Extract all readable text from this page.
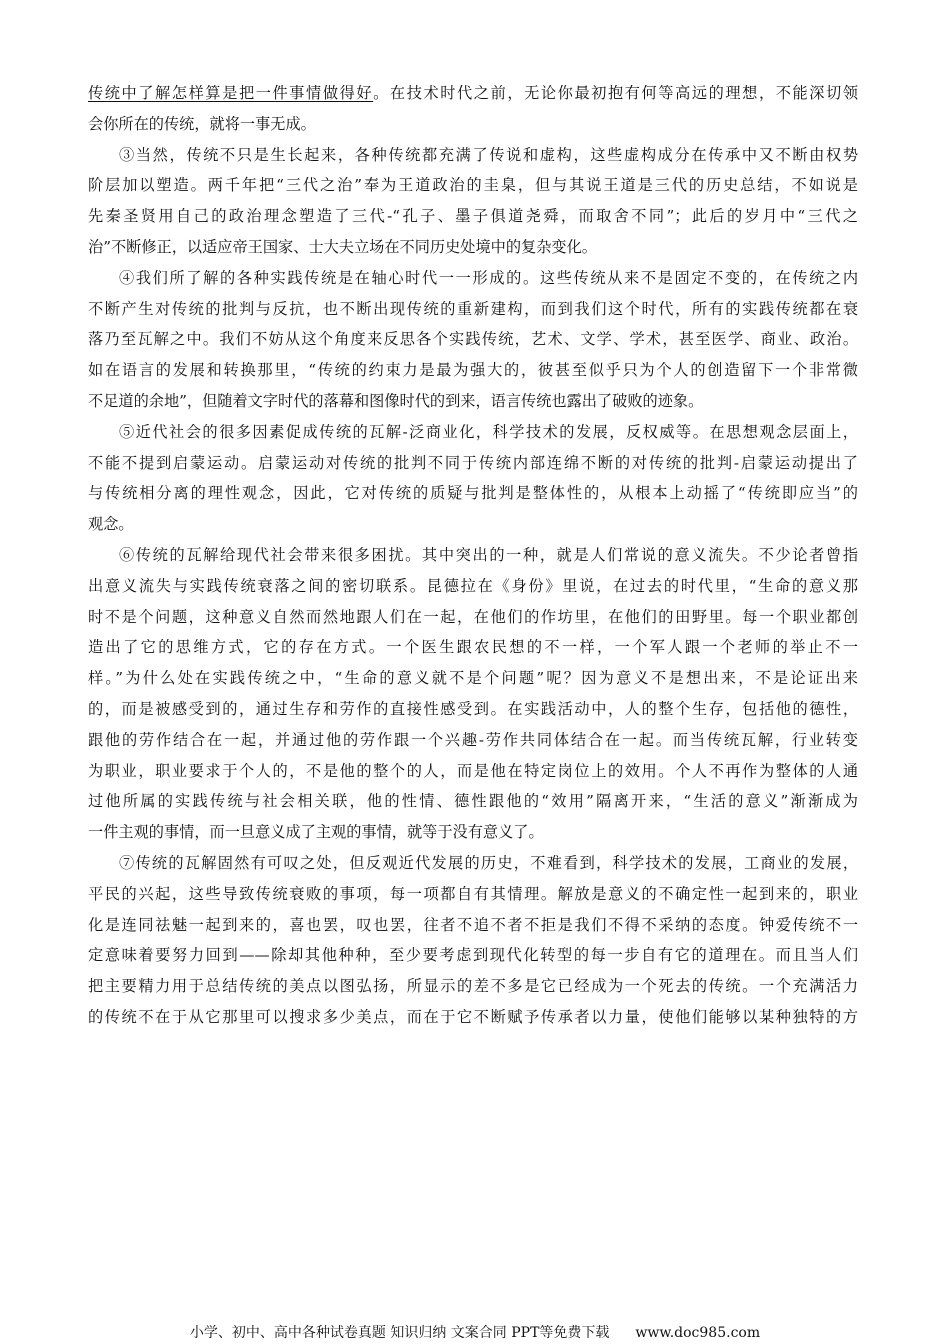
传统中了解怎样算是把一件事情做得好。在技术时代之前，无论你最初抱有何等高远的理想，不能深切领
会你所在的传统，就将一事无成。
③当然，传统不只是生长起来，各种传统都充满了传说和虚构，这些虚构成分在传承中又不断由权势
阶层加以塑造。两千年把“三代之治”奉为王道政治的圭臬，但与其说王道是三代的历史总结，不如说是
先秦圣贤用自己的政治理念塑造了三代-“孔子、墨子俱道尧舜，而取舍不同”；此后的岁月中“三代之
治”不断修正，以适应帝王国家、士大夫立场在不同历史处境中的复杂变化。
④我们所了解的各种实践传统是在轴心时代一一形成的。这些传统从来不是固定不变的，在传统之内
不断产生对传统的批判与反抗，也不断出现传统的重新建构，而到我们这个时代，所有的实践传统都在衰
落乃至瓦解之中。我们不妨从这个角度来反思各个实践传统，艺术、文学、学术，甚至医学、商业、政治。
如在语言的发展和转换那里，“传统的约束力是最为强大的，彼甚至似乎只为个人的创造留下一个非常微
不足道的余地”，但随着文字时代的落幕和图像时代的到来，语言传统也露出了破败的迹象。
⑤近代社会的很多因素促成传统的瓦解-泛商业化，科学技术的发展，反权威等。在思想观念层面上，
不能不提到启蒙运动。启蒙运动对传统的批判不同于传统内部连绵不断的对传统的批判-启蒙运动提出了
与传统相分离的理性观念，因此，它对传统的质疑与批判是整体性的，从根本上动摇了“传统即应当”的
观念。
⑥传统的瓦解给现代社会带来很多困扰。其中突出的一种，就是人们常说的意义流失。不少论者曾指
出意义流失与实践传统衰落之间的密切联系。昆德拉在《身份》里说，在过去的时代里，“生命的意义那
时不是个问题，这种意义自然而然地跟人们在一起，在他们的作坊里，在他们的田野里。每一个职业都创
造出了它的思维方式，它的存在方式。一个医生跟农民想的不一样，一个军人跟一个老师的举止不一
样。”为什么处在实践传统之中，“生命的意义就不是个问题”呢？因为意义不是想出来，不是论证出来
的，而是被感受到的，通过生存和劳作的直接性感受到。在实践活动中，人的整个生存，包括他的德性，
跟他的劳作结合在一起，并通过他的劳作跟一个兴趣-劳作共同体结合在一起。而当传统瓦解，行业转变
为职业，职业要求于个人的，不是他的整个的人，而是他在特定岗位上的效用。个人不再作为整体的人通
过他所属的实践传统与社会相关联，他的性情、德性跟他的“效用”隔离开来，“生活的意义”渐渐成为
一件主观的事情，而一旦意义成了主观的事情，就等于没有意义了。
⑦传统的瓦解固然有可叹之处，但反观近代发展的历史，不难看到，科学技术的发展，工商业的发展，
平民的兴起，这些导致传统衰败的事项，每一项都自有其情理。解放是意义的不确定性一起到来的，职业
化是连同祛魅一起到来的，喜也罢，叹也罢，往者不追不者不拒是我们不得不采纳的态度。钟爱传统不一
定意味着要努力回到——除却其他种种，至少要考虑到现代化转型的每一步自有它的道理在。而且当人们
把主要精力用于总结传统的美点以图弘扬，所显示的差不多是它已经成为一个死去的传统。一个充满活力
的传统不在于从它那里可以搜求多少美点，而在于它不断赋予传承者以力量，使他们能够以某种独特的方
小学、初中、高中各种试卷真题 知识归纳 文案合同 PPT等免费下载 www.doc985.com
